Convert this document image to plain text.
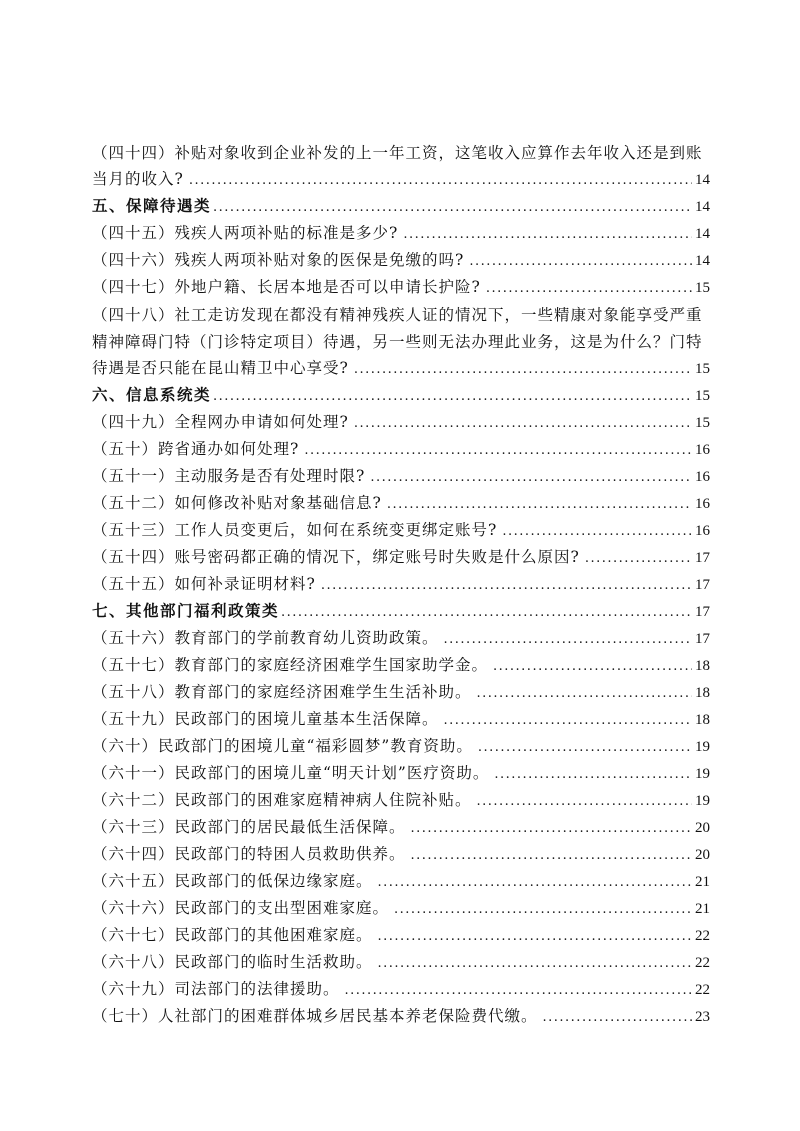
（四十四）补贴对象收到企业补发的上一年工资，这笔收入应算作去年收入还是到账
当月的收入? .....	14
五、保障待遇类 .....	14
（四十五）残疾人两项补贴的标准是多少? .....	14
（四十六）残疾人两项补贴对象的医保是免缴的吗? .....	14
（四十七）外地户籍、长居本地是否可以申请长护险? .....	15
（四十八）社工走访发现在都没有精神残疾人证的情况下，一些精康对象能享受严重
精神障碍门特（门诊特定项目）待遇，另一些则无法办理此业务，这是为什么？门特
待遇是否只能在昆山精卫中心享受? .....	15
六、信息系统类 .....	15
（四十九）全程网办申请如何处理? .....	15
（五十）跨省通办如何处理? .....	16
（五十一）主动服务是否有处理时限? .....	16
（五十二）如何修改补贴对象基础信息? .....	16
（五十三）工作人员变更后，如何在系统变更绑定账号? .....	16
（五十四）账号密码都正确的情况下，绑定账号时失败是什么原因? .....	17
（五十五）如何补录证明材料? .....	17
七、其他部门福利政策类 .....	17
（五十六）教育部门的学前教育幼儿资助政策。 .....	17
（五十七）教育部门的家庭经济困难学生国家助学金。 .....	18
（五十八）教育部门的家庭经济困难学生生活补助。 .....	18
（五十九）民政部门的困境儿童基本生活保障。 .....	18
（六十）民政部门的困境儿童“福彩圆梦”教育资助。 .....	19
（六十一）民政部门的困境儿童“明天计划”医疗资助。 .....	19
（六十二）民政部门的困难家庭精神病人住院补贴。 .....	19
（六十三）民政部门的居民最低生活保障。 .....	20
（六十四）民政部门的特困人员救助供养。 .....	20
（六十五）民政部门的低保边缘家庭。 .....	21
（六十六）民政部门的支出型困难家庭。 .....	21
（六十七）民政部门的其他困难家庭。 .....	22
（六十八）民政部门的临时生活救助。 .....	22
（六十九）司法部门的法律援助。 .....	22
（七十）人社部门的困难群体城乡居民基本养老保险费代缴。 .....	23
